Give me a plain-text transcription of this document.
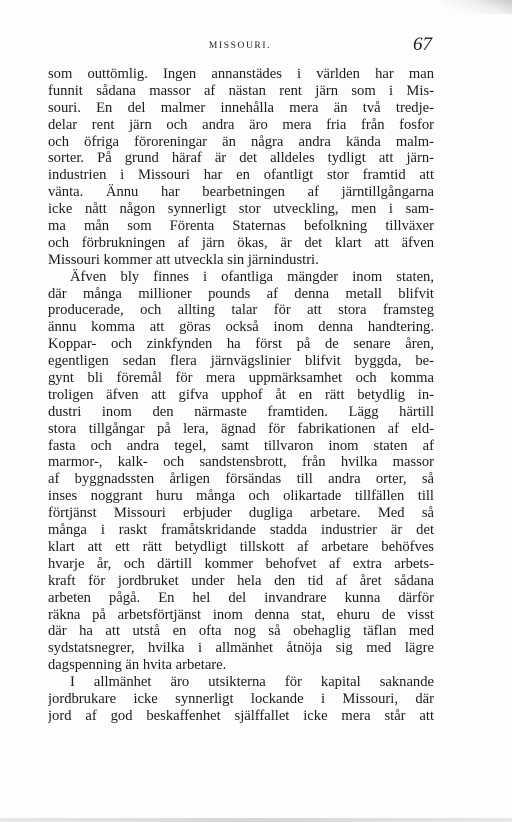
MISSOURI.	67
som outtömlig. Ingen annanstädes i världen har man
funnit sådana massor af nästan rent järn som i Mis-
souri. En del malmer innehålla mera än två tredje-
delar rent järn och andra äro mera fria från fosfor
och öfriga föroreningar än några andra kända malm-
sorter. På grund häraf är det alldeles tydligt att järn-
industrien i Missouri har en ofantligt stor framtid att
vänta. Ännu har bearbetningen af järntillgångarna
icke nått någon synnerligt stor utveckling, men i sam-
ma mån som Förenta Staternas befolkning tillväxer
och förbrukningen af järn ökas, är det klart att äfven
Missouri kommer att utveckla sin järnindustri.
Äfven bly finnes i ofantliga mängder inom staten,
där många millioner pounds af denna metall blifvit
producerade, och allting talar för att stora framsteg
ännu komma att göras också inom denna handtering.
Koppar- och zinkfynden ha först på de senare åren,
egentligen sedan flera järnvägslinier blifvit byggda, be-
gynt bli föremål för mera uppmärksamhet och komma
troligen äfven att gifva upphof åt en rätt betydlig in-
dustri inom den närmaste framtiden. Lägg härtill
stora tillgångar på lera, ägnad för fabrikationen af eld-
fasta och andra tegel, samt tillvaron inom staten af
marmor-, kalk- och sandstensbrott, från hvilka massor
af byggnadssten årligen försändas till andra orter, så
inses noggrant huru många och olikartade tillfällen till
förtjänst Missouri erbjuder dugliga arbetare. Med så
många i raskt framåtskridande stadda industrier är det
klart att ett rätt betydligt tillskott af arbetare behöfves
hvarje år, och därtill kommer behofvet af extra arbets-
kraft för jordbruket under hela den tid af året sådana
arbeten pågå. En hel del invandrare kunna därför
räkna på arbetsförtjänst inom denna stat, ehuru de visst
där ha att utstå en ofta nog så obehaglig täflan med
sydstatsnegrer, hvilka i allmänhet åtnöja sig med lägre
dagspenning än hvita arbetare.
I allmänhet äro utsikterna för kapital saknande
jordbrukare icke synnerligt lockande i Missouri, där
jord af god beskaffenhet själffallet icke mera står att
